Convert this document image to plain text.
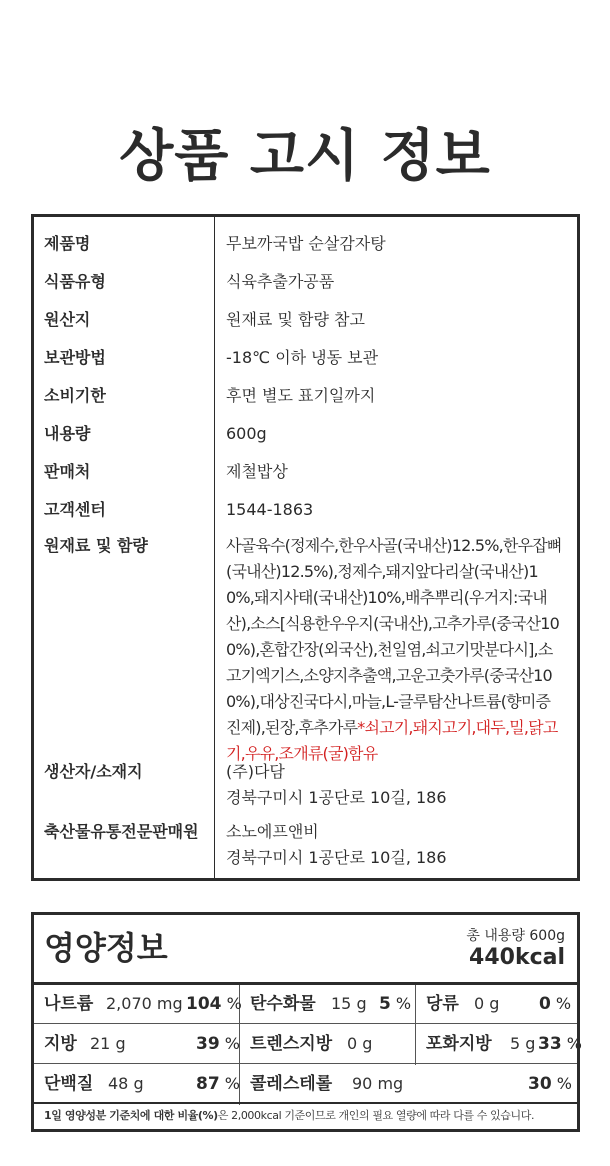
상품 고시 정보
제품명	무보까국밥 순살감자탕
식품유형	식육추출가공품
원산지	원재료 및 함량 참고
보관방법	-18℃ 이하 냉동 보관
소비기한	후면 별도 표기일까지
내용량	600g
판매처	제철밥상
고객센터	1544-1863
원재료 및 함량	사골육수(정제수,한우사골(국내산)12.5%,한우잡뼈(국내산)12.5%),정제수,돼지앞다리살(국내산)10%,돼지사태(국내산)10%,배추뿌리(우거지:국내산),소스[식용한우우지(국내산),고추가루(중국산100%),혼합간장(외국산),천일염,쇠고기맛분다시],소고기엑기스,소양지추출액,고운고춧가루(중국산100%),대상진국다시,마늘,L-글루탐산나트륨(향미증진제),된장,후추가루*쇠고기,돼지고기,대두,밀,닭고기,우유,조개류(굴)함유
생산자/소재지	(주)다담
경북구미시 1공단로 10길, 186
축산물유통전문판매원	소노에프앤비
경북구미시 1공단로 10길, 186
영양정보	총 내용량 600g
440kcal
나트륨 2,070 mg 104 % 탄수화물 15 g 5 % 당류 0 g 0 %
지방 21 g	39 % 트렌스지방 0 g	포화지방 5 g 33 %
단백질 48 g	87 % 콜레스테롤 90 mg	30 %
1일 영양성분 기준치에 대한 비율(%)은 2,000kcal 기준이므로 개인의 필요 열량에 따라 다를 수 있습니다.
